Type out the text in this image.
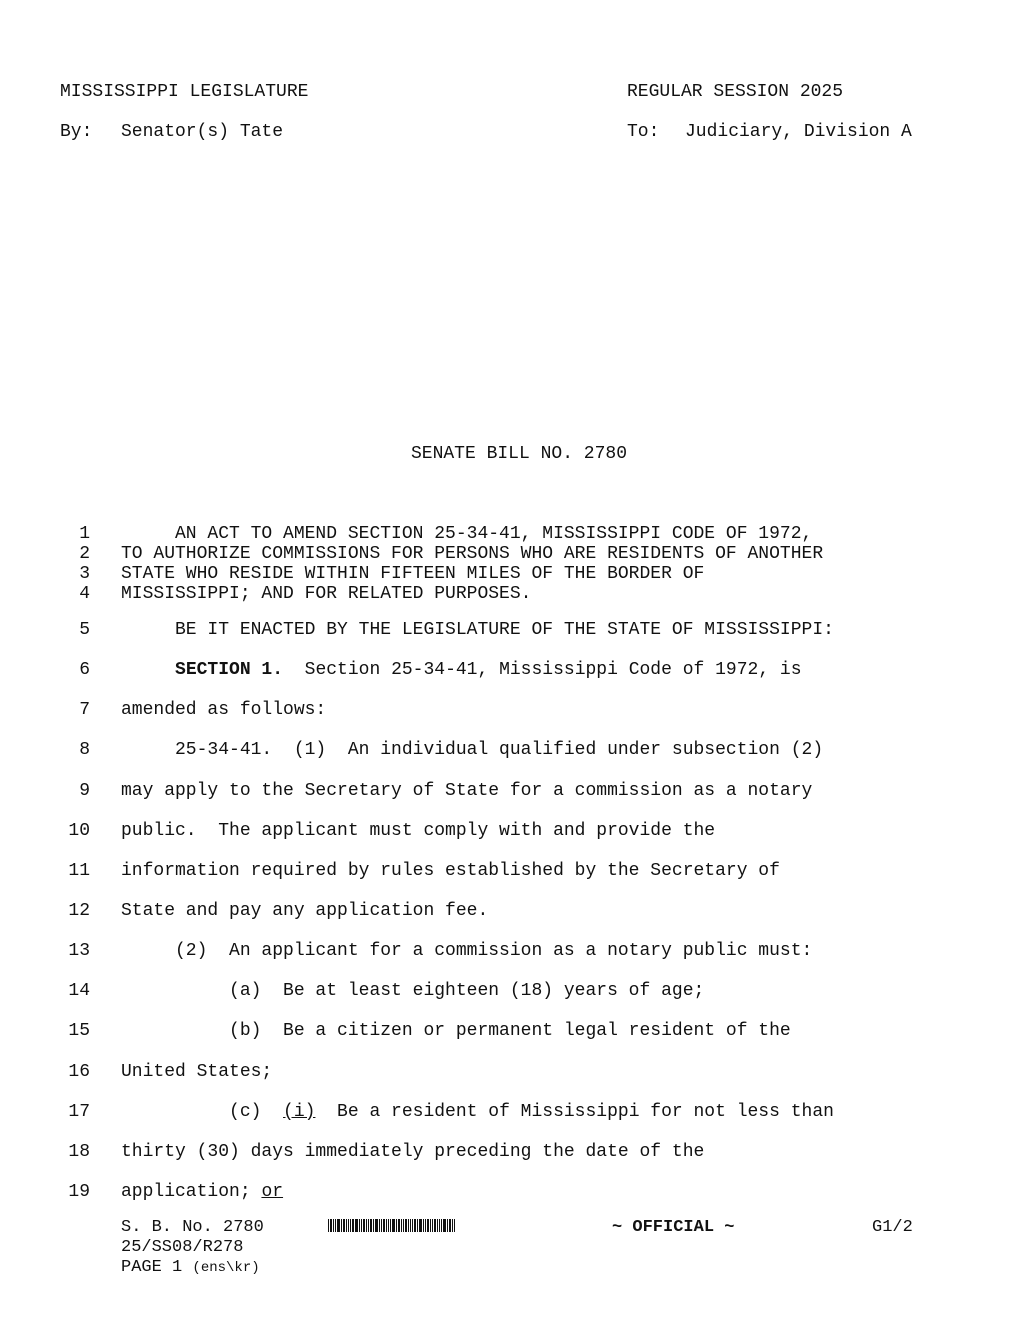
MISSISSIPPI LEGISLATURE	REGULAR SESSION 2025
By: Senator(s) Tate	To: Judiciary, Division A
SENATE BILL NO. 2780
1 AN ACT TO AMEND SECTION 25-34-41, MISSISSIPPI CODE OF 1972,
2 TO AUTHORIZE COMMISSIONS FOR PERSONS WHO ARE RESIDENTS OF ANOTHER
3 STATE WHO RESIDE WITHIN FIFTEEN MILES OF THE BORDER OF
4 MISSISSIPPI; AND FOR RELATED PURPOSES.
5 BE IT ENACTED BY THE LEGISLATURE OF THE STATE OF MISSISSIPPI:
6	SECTION 1.  Section 25-34-41, Mississippi Code of 1972, is
7 amended as follows:
8 25-34-41.  (1)  An individual qualified under subsection (2)
9 may apply to the Secretary of State for a commission as a notary
10 public.  The applicant must comply with and provide the
11 information required by rules established by the Secretary of
12 State and pay any application fee.
13 (2)  An applicant for a commission as a notary public must:
14 (a)  Be at least eighteen (18) years of age;
15 (b)  Be a citizen or permanent legal resident of the
16 United States;
17 (c)  (i)  Be a resident of Mississippi for not less than
18 thirty (30) days immediately preceding the date of the
19 application; or
S. B. No. 2780	~ OFFICIAL ~	G1/2
25/SS08/R278
PAGE 1 (ens\kr)
